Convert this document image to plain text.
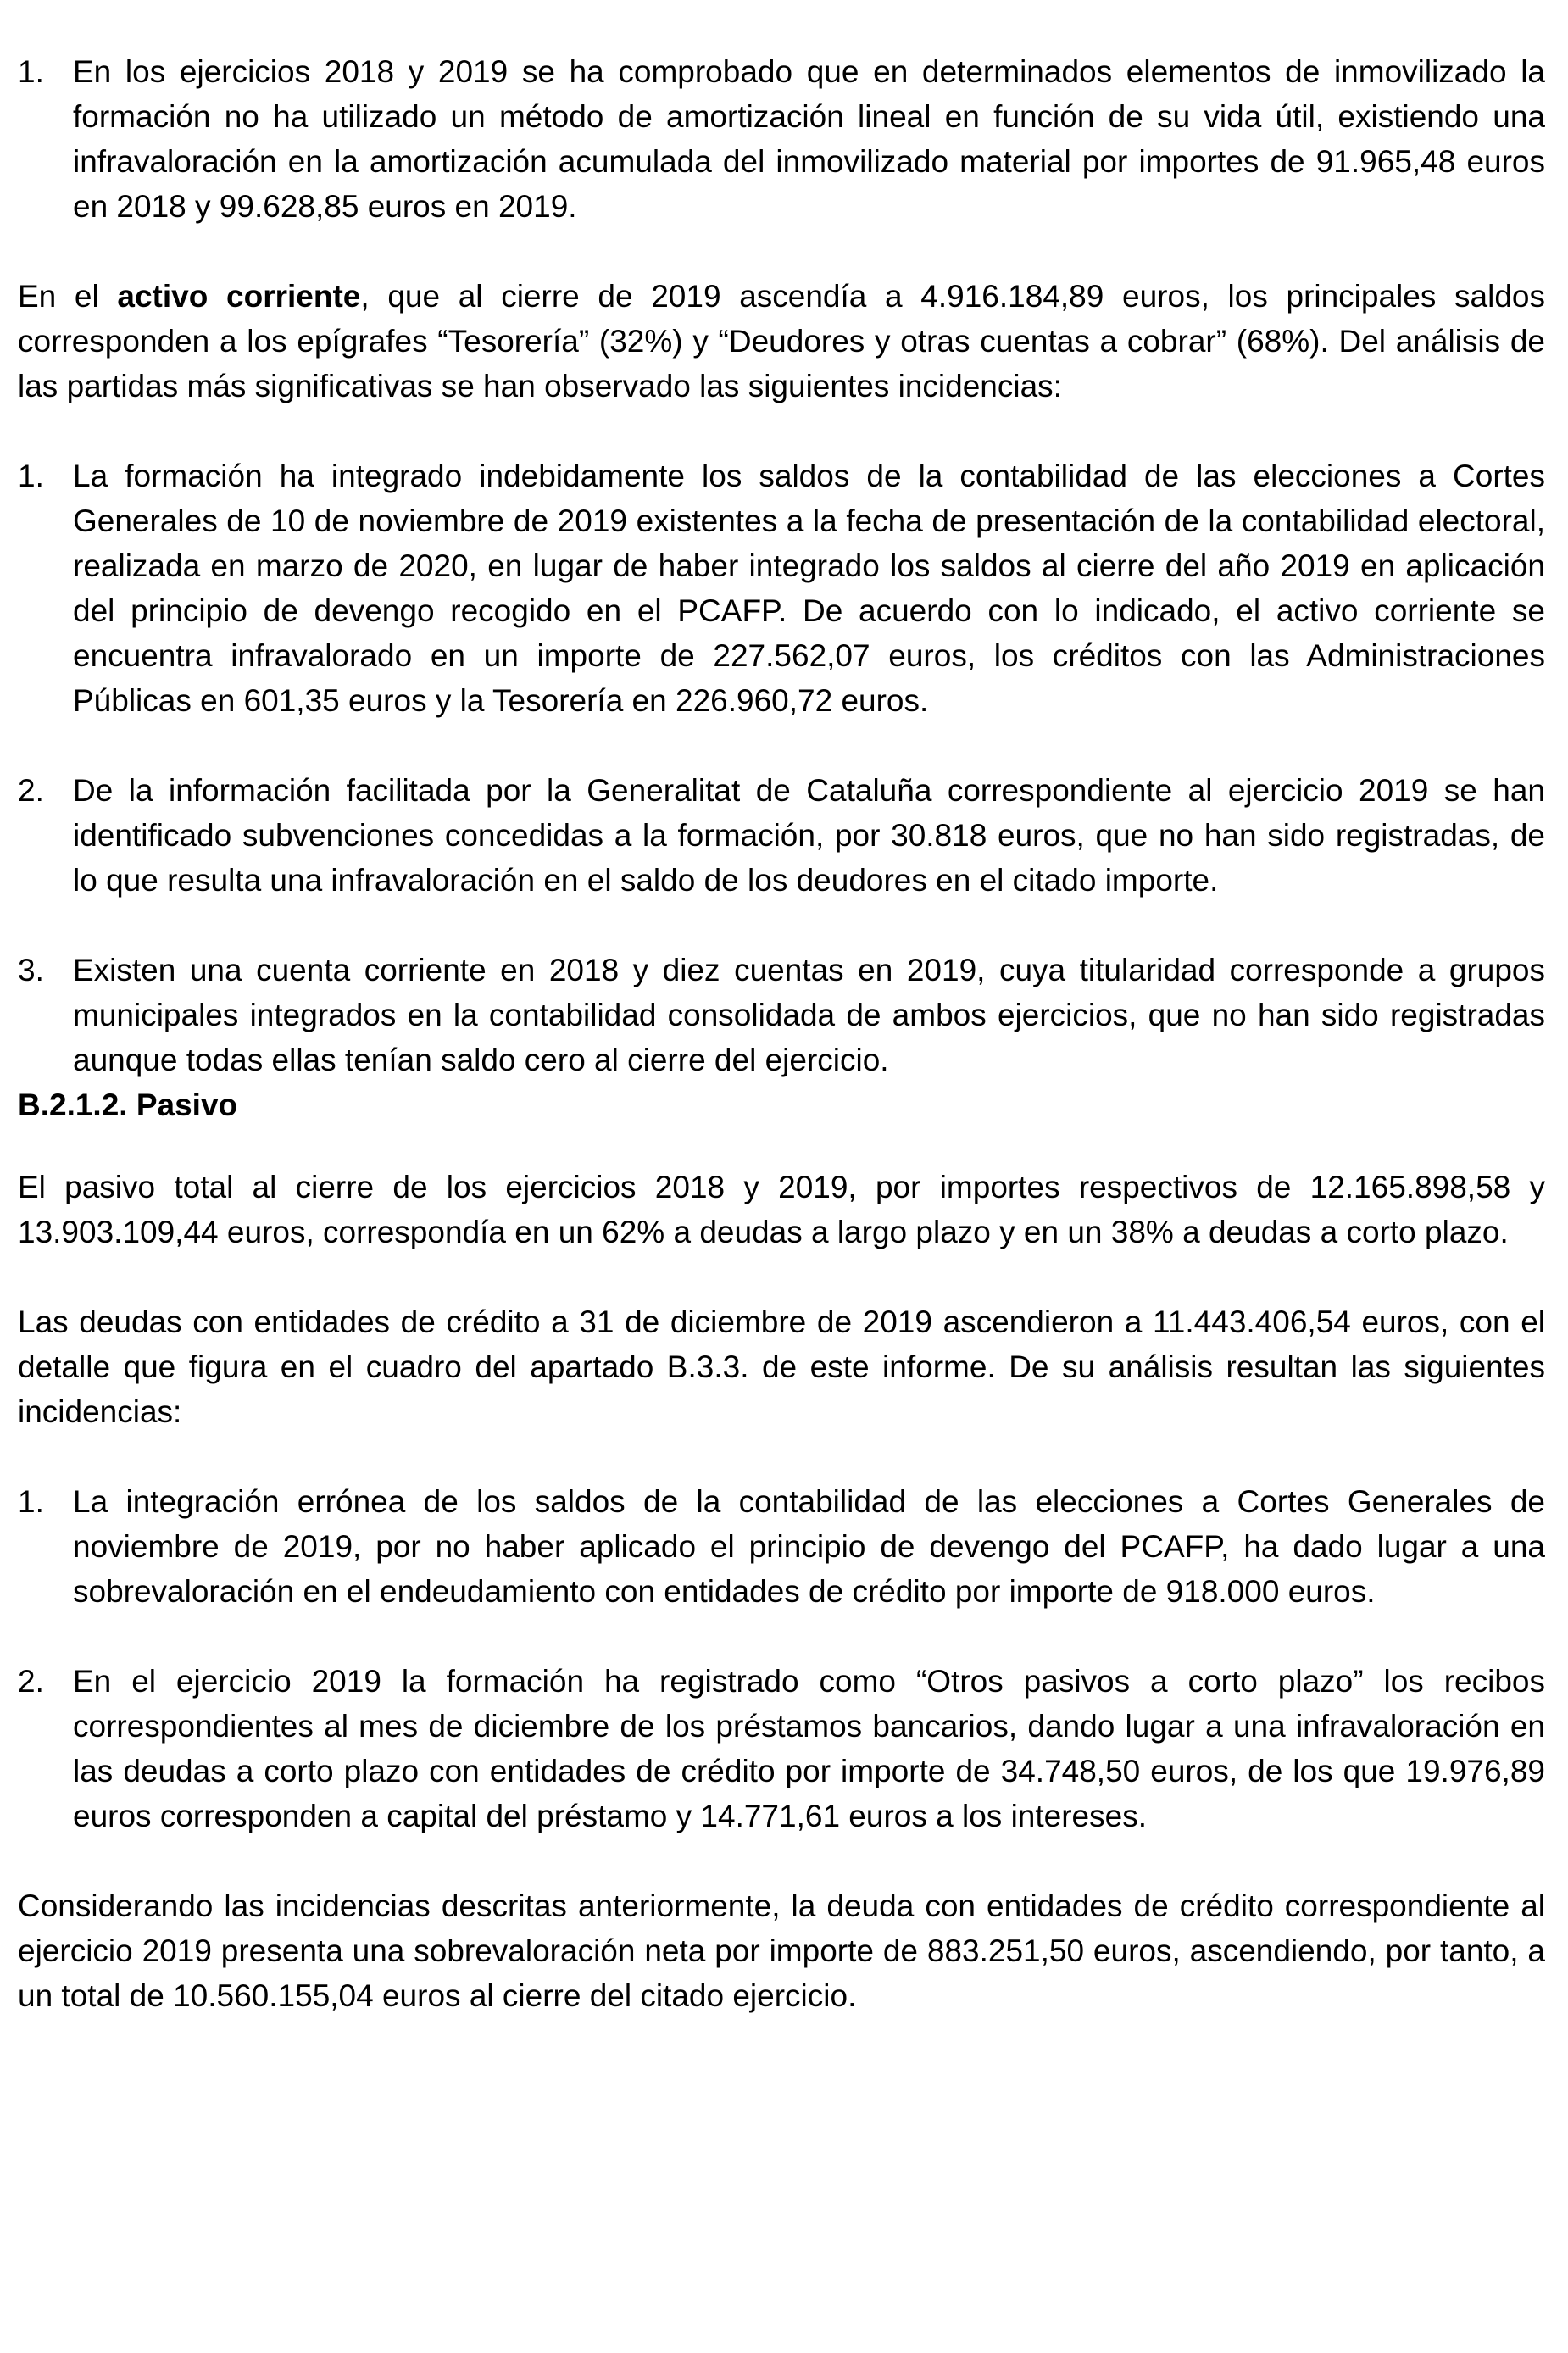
1. En los ejercicios 2018 y 2019 se ha comprobado que en determinados elementos de inmovilizado la formación no ha utilizado un método de amortización lineal en función de su vida útil, existiendo una infravaloración en la amortización acumulada del inmovilizado material por importes de 91.965,48 euros en 2018 y 99.628,85 euros en 2019.

En el activo corriente, que al cierre de 2019 ascendía a 4.916.184,89 euros, los principales saldos corresponden a los epígrafes “Tesorería” (32%) y “Deudores y otras cuentas a cobrar” (68%). Del análisis de las partidas más significativas se han observado las siguientes incidencias:

1. La formación ha integrado indebidamente los saldos de la contabilidad de las elecciones a Cortes Generales de 10 de noviembre de 2019 existentes a la fecha de presentación de la contabilidad electoral, realizada en marzo de 2020, en lugar de haber integrado los saldos al cierre del año 2019 en aplicación del principio de devengo recogido en el PCAFP. De acuerdo con lo indicado, el activo corriente se encuentra infravalorado en un importe de 227.562,07 euros, los créditos con las Administraciones Públicas en 601,35 euros y la Tesorería en 226.960,72 euros.
2. De la información facilitada por la Generalitat de Cataluña correspondiente al ejercicio 2019 se han identificado subvenciones concedidas a la formación, por 30.818 euros, que no han sido registradas, de lo que resulta una infravaloración en el saldo de los deudores en el citado importe.
3. Existen una cuenta corriente en 2018 y diez cuentas en 2019, cuya titularidad corresponde a grupos municipales integrados en la contabilidad consolidada de ambos ejercicios, que no han sido registradas aunque todas ellas tenían saldo cero al cierre del ejercicio.
B.2.1.2. Pasivo

El pasivo total al cierre de los ejercicios 2018 y 2019, por importes respectivos de 12.165.898,58 y 13.903.109,44 euros, correspondía en un 62% a deudas a largo plazo y en un 38% a deudas a corto plazo.

Las deudas con entidades de crédito a 31 de diciembre de 2019 ascendieron a 11.443.406,54 euros, con el detalle que figura en el cuadro del apartado B.3.3. de este informe. De su análisis resultan las siguientes incidencias:

1. La integración errónea de los saldos de la contabilidad de las elecciones a Cortes Generales de noviembre de 2019, por no haber aplicado el principio de devengo del PCAFP, ha dado lugar a una sobrevaloración en el endeudamiento con entidades de crédito por importe de 918.000 euros.
2. En el ejercicio 2019 la formación ha registrado como “Otros pasivos a corto plazo” los recibos correspondientes al mes de diciembre de los préstamos bancarios, dando lugar a una infravaloración en las deudas a corto plazo con entidades de crédito por importe de 34.748,50 euros, de los que 19.976,89 euros corresponden a capital del préstamo y 14.771,61 euros a los intereses.

Considerando las incidencias descritas anteriormente, la deuda con entidades de crédito correspondiente al ejercicio 2019 presenta una sobrevaloración neta por importe de 883.251,50 euros, ascendiendo, por tanto, a un total de 10.560.155,04 euros al cierre del citado ejercicio.
